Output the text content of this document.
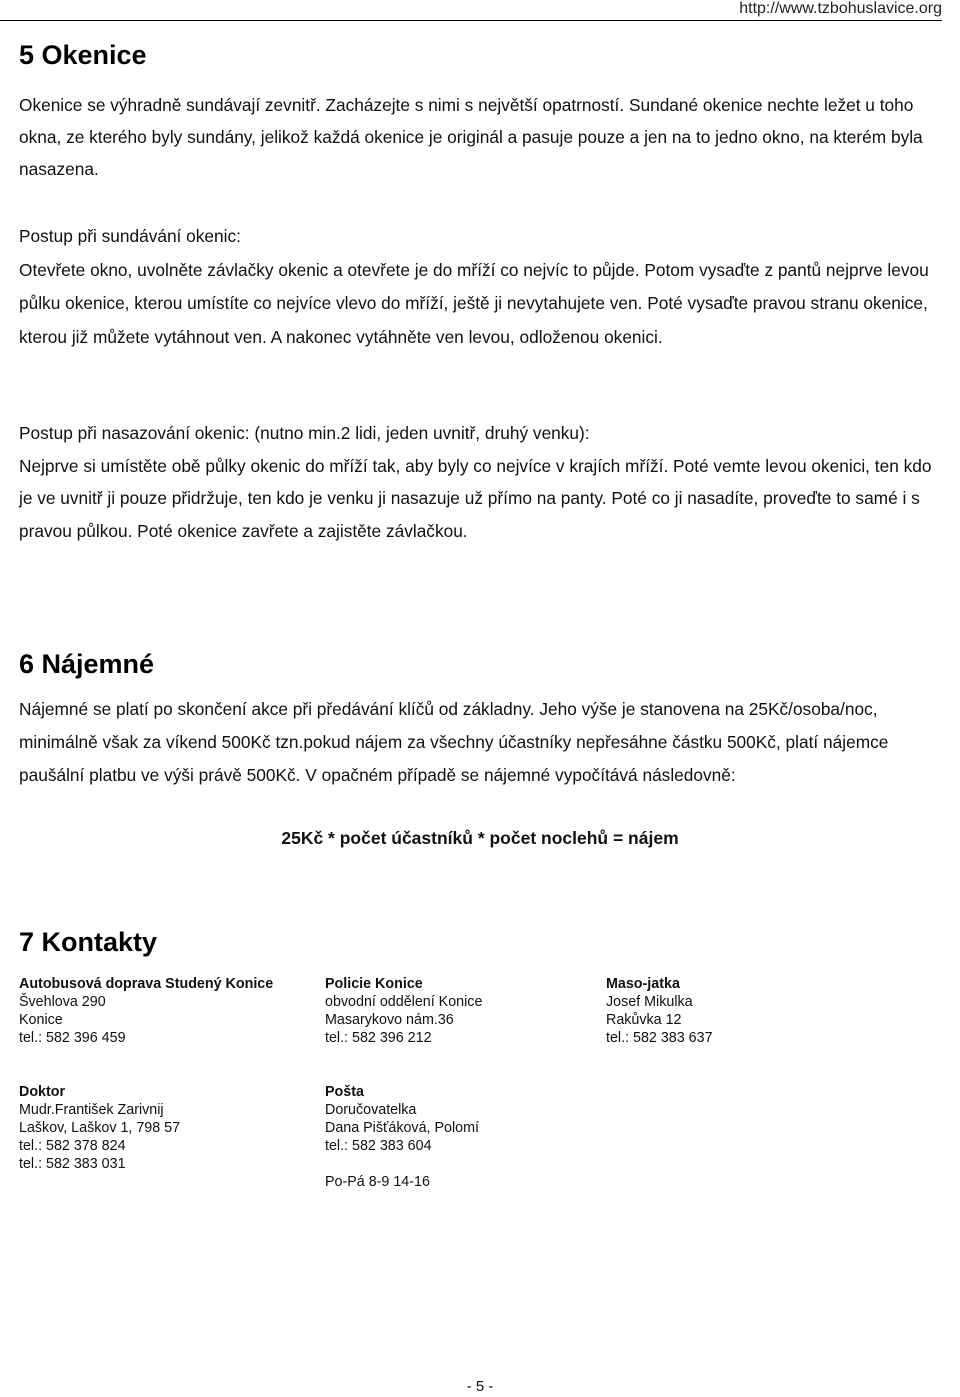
http://www.tzbohuslavice.org
5 Okenice

Okenice se výhradně sundávají zevnitř. Zacházejte s nimi s největší opatrností. Sundané okenice nechte ležet u toho okna, ze kterého byly sundány, jelikož každá okenice je originál a pasuje pouze a jen na to jedno okno, na kterém byla nasazena.

Postup při sundávání okenic:
Otevřete okno, uvolněte závlačky okenic a otevřete je do mříží co nejvíc to půjde. Potom vysaďte z pantů nejprve levou půlku okenice, kterou umístíte co nejvíce vlevo do mříží, ještě ji nevytahujete ven. Poté vysaďte pravou stranu okenice, kterou již můžete vytáhnout ven. A nakonec vytáhněte ven levou, odloženou okenici.

Postup při nasazování okenic: (nutno min.2 lidi, jeden uvnitř, druhý venku):
Nejprve si umístěte obě půlky okenic do mříží tak, aby byly co nejvíce v krajích mříží. Poté vemte levou okenici, ten kdo je ve uvnitř ji pouze přidržuje, ten kdo je venku ji nasazuje už přímo na panty. Poté co ji nasadíte, proveďte to samé i s pravou půlkou. Poté okenice zavřete a zajistěte závlačkou.

6 Nájemné

Nájemné se platí po skončení akce při předávání klíčů od základny. Jeho výše je stanovena na 25Kč/osoba/noc, minimálně však za víkend 500Kč tzn.pokud nájem za všechny účastníky nepřesáhne částku 500Kč, platí nájemce paušální platbu ve výši právě 500Kč. V opačném případě se nájemné vypočítává následovně:

25Kč * počet účastníků * počet noclehů = nájem
7 Kontakty
Autobusová doprava Studený Konice
Švehlova 290
Konice
tel.: 582 396 459
Policie Konice
obvodní oddělení Konice
Masarykovo nám.36
tel.: 582 396 212
Maso-jatka
Josef Mikulka
Rakůvka 12
tel.: 582 383 637
Doktor
Mudr.František Zarivnij
Laškov, Laškov 1, 798 57
tel.: 582 378 824
tel.: 582 383 031
Pošta
Doručovatelka
Dana Pišťáková, Polomí
tel.: 582 383 604
Po-Pá 8-9 14-16
- 5 -
